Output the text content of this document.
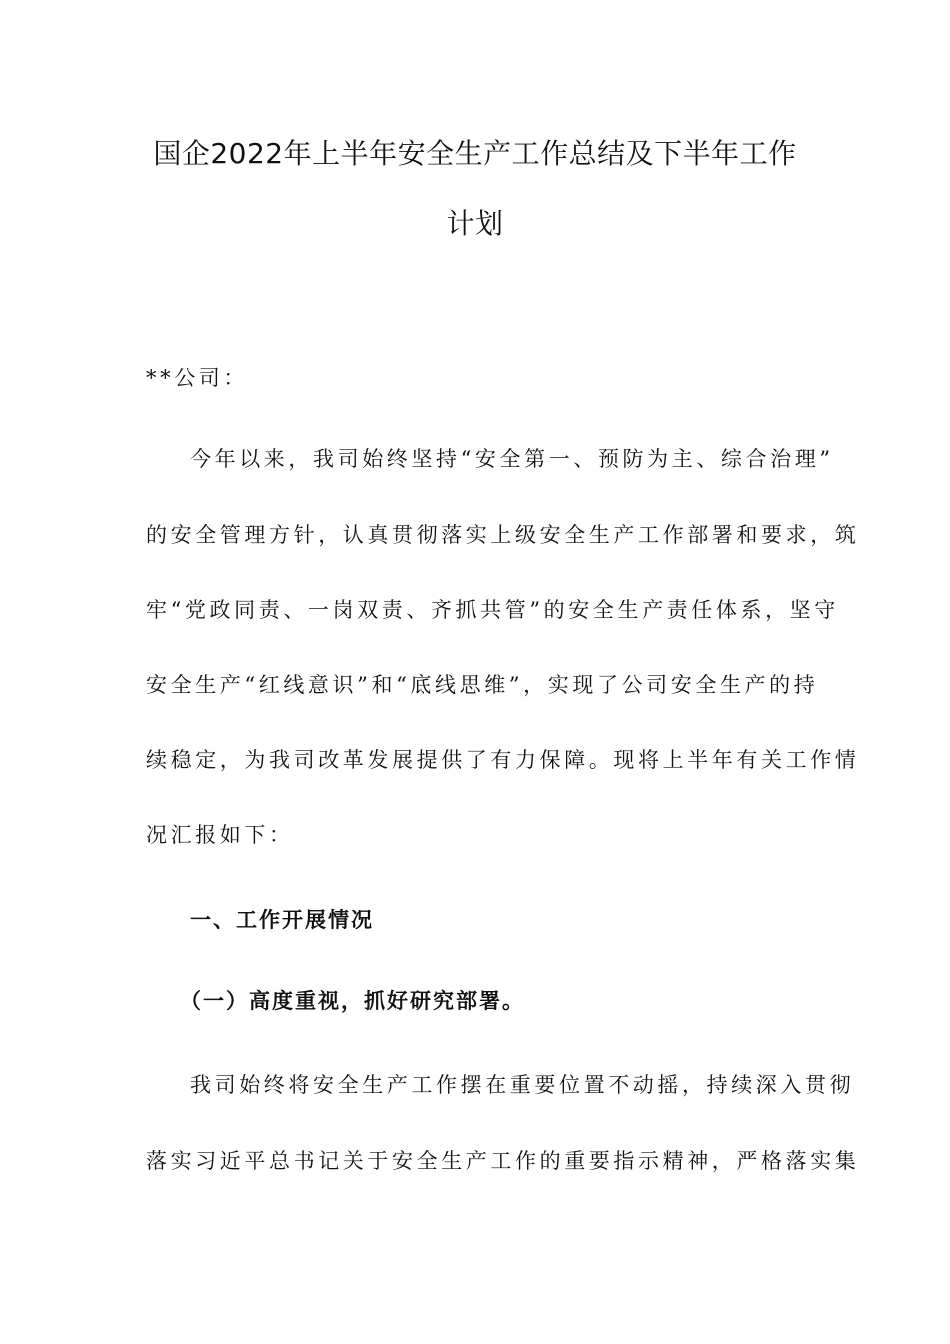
国企2022年上半年安全生产工作总结及下半年工作
计划
**公司：
今年以来，我司始终坚持“安全第一、预防为主、综合治理”
的安全管理方针，认真贯彻落实上级安全生产工作部署和要求，筑
牢“党政同责、一岗双责、齐抓共管”的安全生产责任体系，坚守
安全生产“红线意识”和“底线思维”，实现了公司安全生产的持
续稳定，为我司改革发展提供了有力保障。现将上半年有关工作情
况汇报如下：
一、工作开展情况
（一）高度重视，抓好研究部署。
我司始终将安全生产工作摆在重要位置不动摇，持续深入贯彻
落实习近平总书记关于安全生产工作的重要指示精神，严格落实集
